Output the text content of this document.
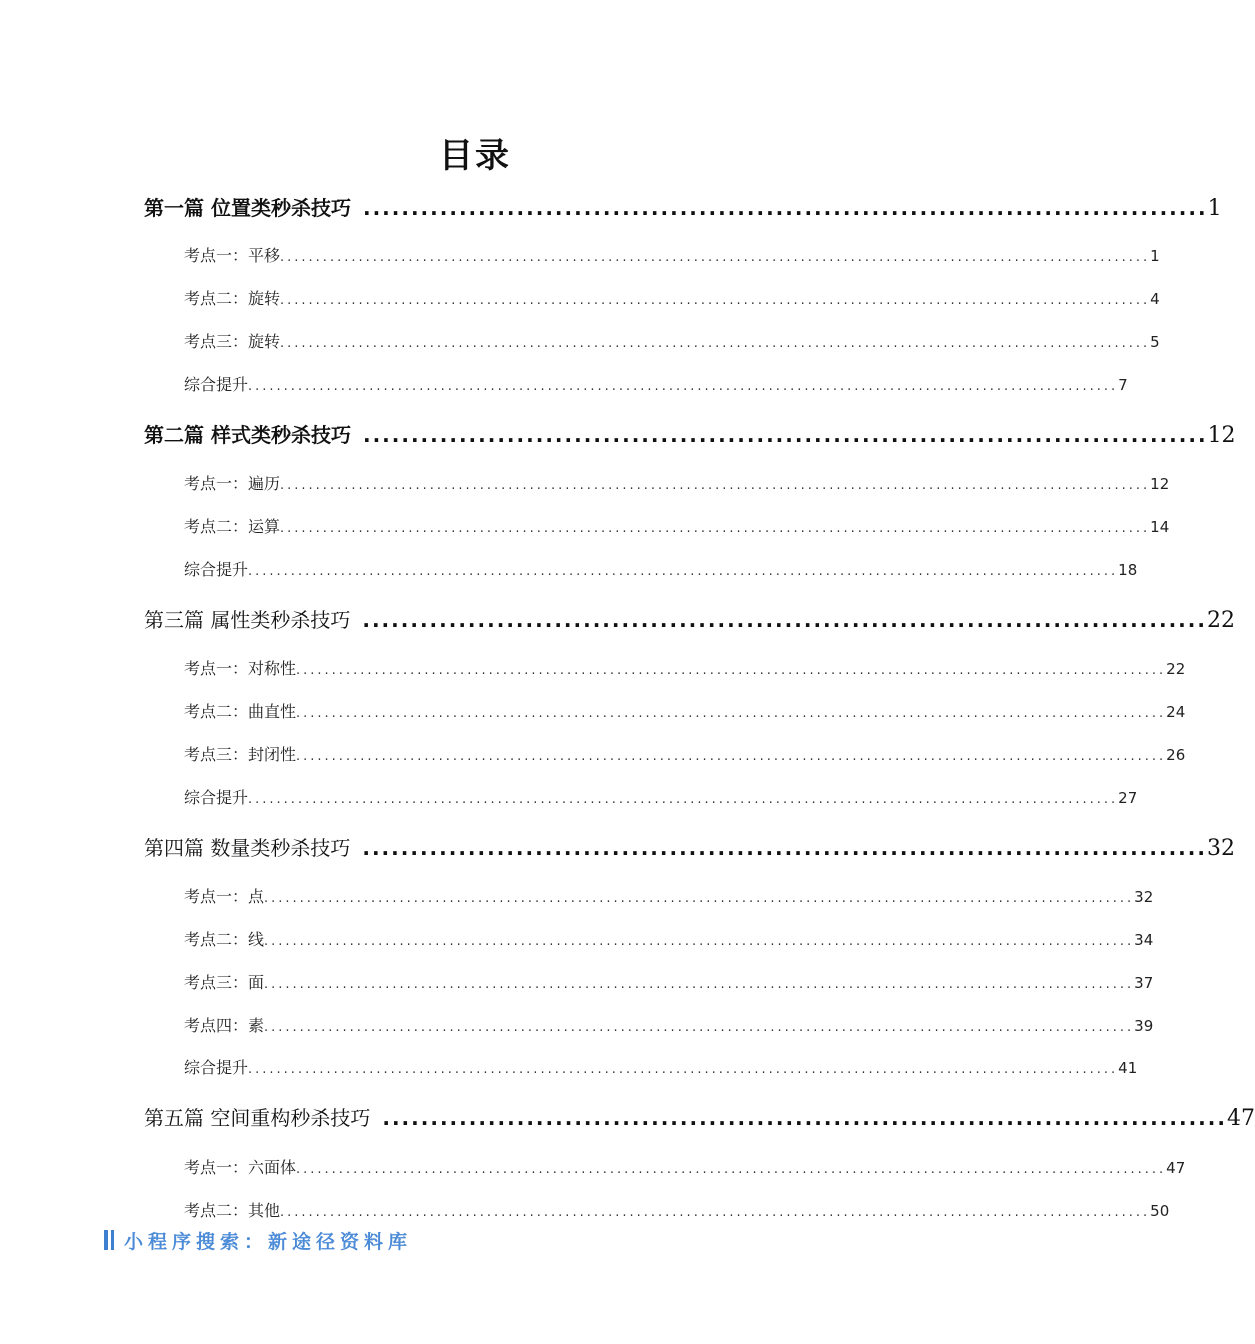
目录
第一篇 位置类秒杀技巧 ........................................................................................ 1
考点一：平移 .......................................................................................................................... 1
考点二：旋转 .......................................................................................................................... 4
考点三：旋转 .......................................................................................................................... 5
综合提升 .......................................................................................................................... 7
第二篇 样式类秒杀技巧 ........................................................................................ 12
考点一：遍历 .......................................................................................................................... 12
考点二：运算 .......................................................................................................................... 14
综合提升 .......................................................................................................................... 18
第三篇 属性类秒杀技巧 ........................................................................................ 22
考点一：对称性 .......................................................................................................................... 22
考点二：曲直性 .......................................................................................................................... 24
考点三：封闭性 .......................................................................................................................... 26
综合提升 .......................................................................................................................... 27
第四篇 数量类秒杀技巧 ........................................................................................ 32
考点一：点 .......................................................................................................................... 32
考点二：线 .......................................................................................................................... 34
考点三：面 .......................................................................................................................... 37
考点四：素 .......................................................................................................................... 39
综合提升 .......................................................................................................................... 41
第五篇 空间重构秒杀技巧 ........................................................................................ 47
考点一：六面体 .......................................................................................................................... 47
考点二：其他 .......................................................................................................................... 50
小程序搜索：新途径资料库
